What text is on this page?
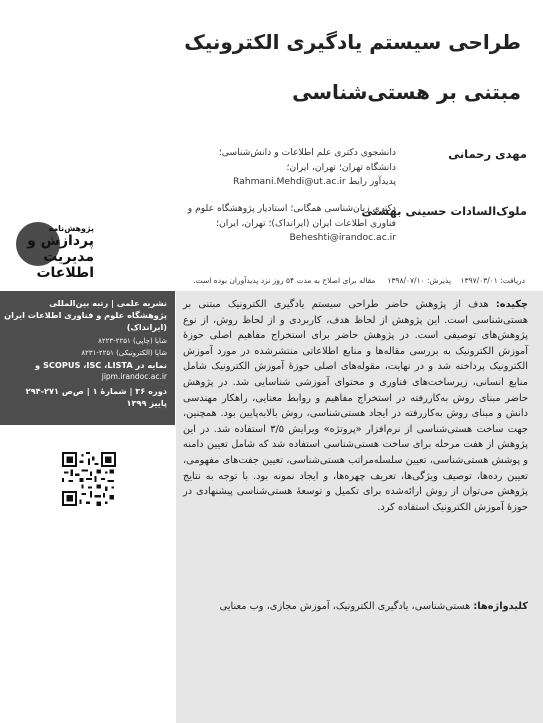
طراحی سیستم یادگیری الکترونیک
مبتنی بر هستی‌شناسی
مهدی رحمانی
دانشجوی دکتری علم اطلاعات و دانش‌شناسی؛
دانشگاه تهران؛ تهران، ایران؛
پدیدآور رابط Rahmani.Mehdi@ut.ac.ir
ملوک‌السادات حسینی بهشتی
دکتری زبان‌شناسی همگانی؛ استادیار پژوهشگاه علوم و
فناوری اطلاعات ایران (ایرانداک)؛ تهران، ایران؛
Beheshti@irandoc.ac.ir
پژوهش‌نامه
پردازش و
مدیریت
اطلاعات	دریافت: ۱۳۹۷/۰۳/۰۱    پذیرش: ۱۳۹۸/۰۷/۱۰     مقاله برای اصلاح به مدت ۵۴ روز نزد پدیدآوران بوده است.
نشریه علمی | رتبه بین‌المللی
پژوهشگاه علوم و فناوری اطلاعات ایران
(ایرانداک)
شاپا (چاپی) ۲۲۵۱-۸۲۲۳
شاپا (الکترونیکی) ۲۲۵۱-۸۲۳۱
نمایه در SCOPUS ،ISC ،LISTA و
jipm.irandoc.ac.ir
دوره ۳۶ | شمارۀ ۱ | ص‌ص ۲۷۱-۲۹۴
پاییز ۱۳۹۹
چکیده: هدف از پژوهش حاضر طراحی سیستم یادگیری الکترونیک مبتنی بر هستی‌شناسی است. این پژوهش از لحاظ هدف، کاربردی و از لحاظ روش، از نوع پژوهش‌های توصیفی است. در پژوهش حاضر برای استخراج مفاهیم اصلی حوزۀ آموزش الکترونیک به بررسی مقاله‌ها و منابع اطلاعاتی منتشرشده در مورد آموزش الکترونیک پرداخته شد و در نهایت، مقوله‌های اصلی حوزۀ آموزش الکترونیک شامل منابع انسانی، زیرساخت‌های فناوری و محتوای آموزشی شناسایی شد. در پژوهش حاضر مبنای روش به‌کاررفته در استخراج مفاهیم و روابط معنایی، راهکار مهندسی دانش و مبنای روش به‌کاررفته در ایجاد هستی‌شناسی، روش بالا‌به‌پایین بود. همچنین، جهت ساخت هستی‌شناسی از نرم‌افزار «پروتژه» ویرایش ۳/۵ استفاده شد. در این پژوهش از هفت مرحله برای ساخت هستی‌شناسی استفاده شد که شامل تعیین دامنه و پوشش هستی‌شناسی، تعیین سلسله‌مراتب هستی‌شناسی، تعیین جفت‌های مفهومی، تعیین رده‌ها، توصیف ویژگی‌ها، تعریف چهره‌ها، و ایجاد نمونه بود. با توجه به نتایج پژوهش می‌توان از روش ارائه‌شده برای تکمیل و توسعۀ هستی‌شناسی پیشنهادی در حوزۀ آموزش الکترونیک استفاده کرد.
کلیدواژه‌ها: هستی‌شناسی، یادگیری الکترونیک، آموزش مجازی، وب معنایی
